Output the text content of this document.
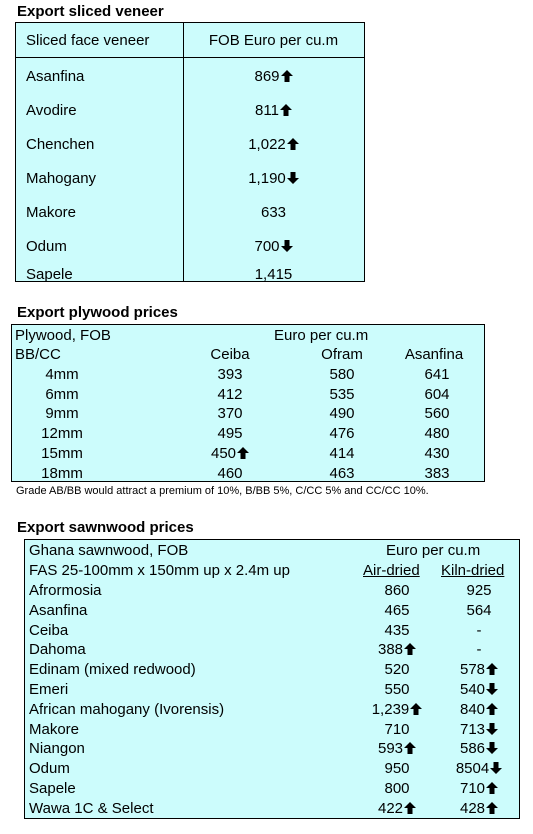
Export sliced veneer
Sliced face veneer	FOB Euro per cu.m
Asanfina	869
Avodire	811
Chenchen	1,022
Mahogany	1,190
Makore	633
Odum	700
Sapele	1,415
Export plywood prices
Plywood, FOB	Euro per cu.m
BB/CC	Ceiba	Ofram	Asanfina
4mm	393	580	641
6mm	412	535	604
9mm	370	490	560
12mm	495	476	480
15mm	450	414	430
18mm	460	463	383
Grade AB/BB would attract a premium of 10%, B/BB 5%, C/CC 5% and CC/CC 10%.
Export sawnwood prices
Ghana sawnwood, FOB	Euro per cu.m
FAS 25-100mm x 150mm up x 2.4m up	Air-dried Kiln-dried
Afrormosia	860	925
Asanfina	465	564
Ceiba	435	-
Dahoma	388	-
Edinam (mixed redwood)	520	578
Emeri	550	540
African mahogany (Ivorensis)	1,239	840
Makore	710	713
Niangon	593	586
Odum	950	8504
Sapele	800	710
Wawa 1C & Select	422	428
